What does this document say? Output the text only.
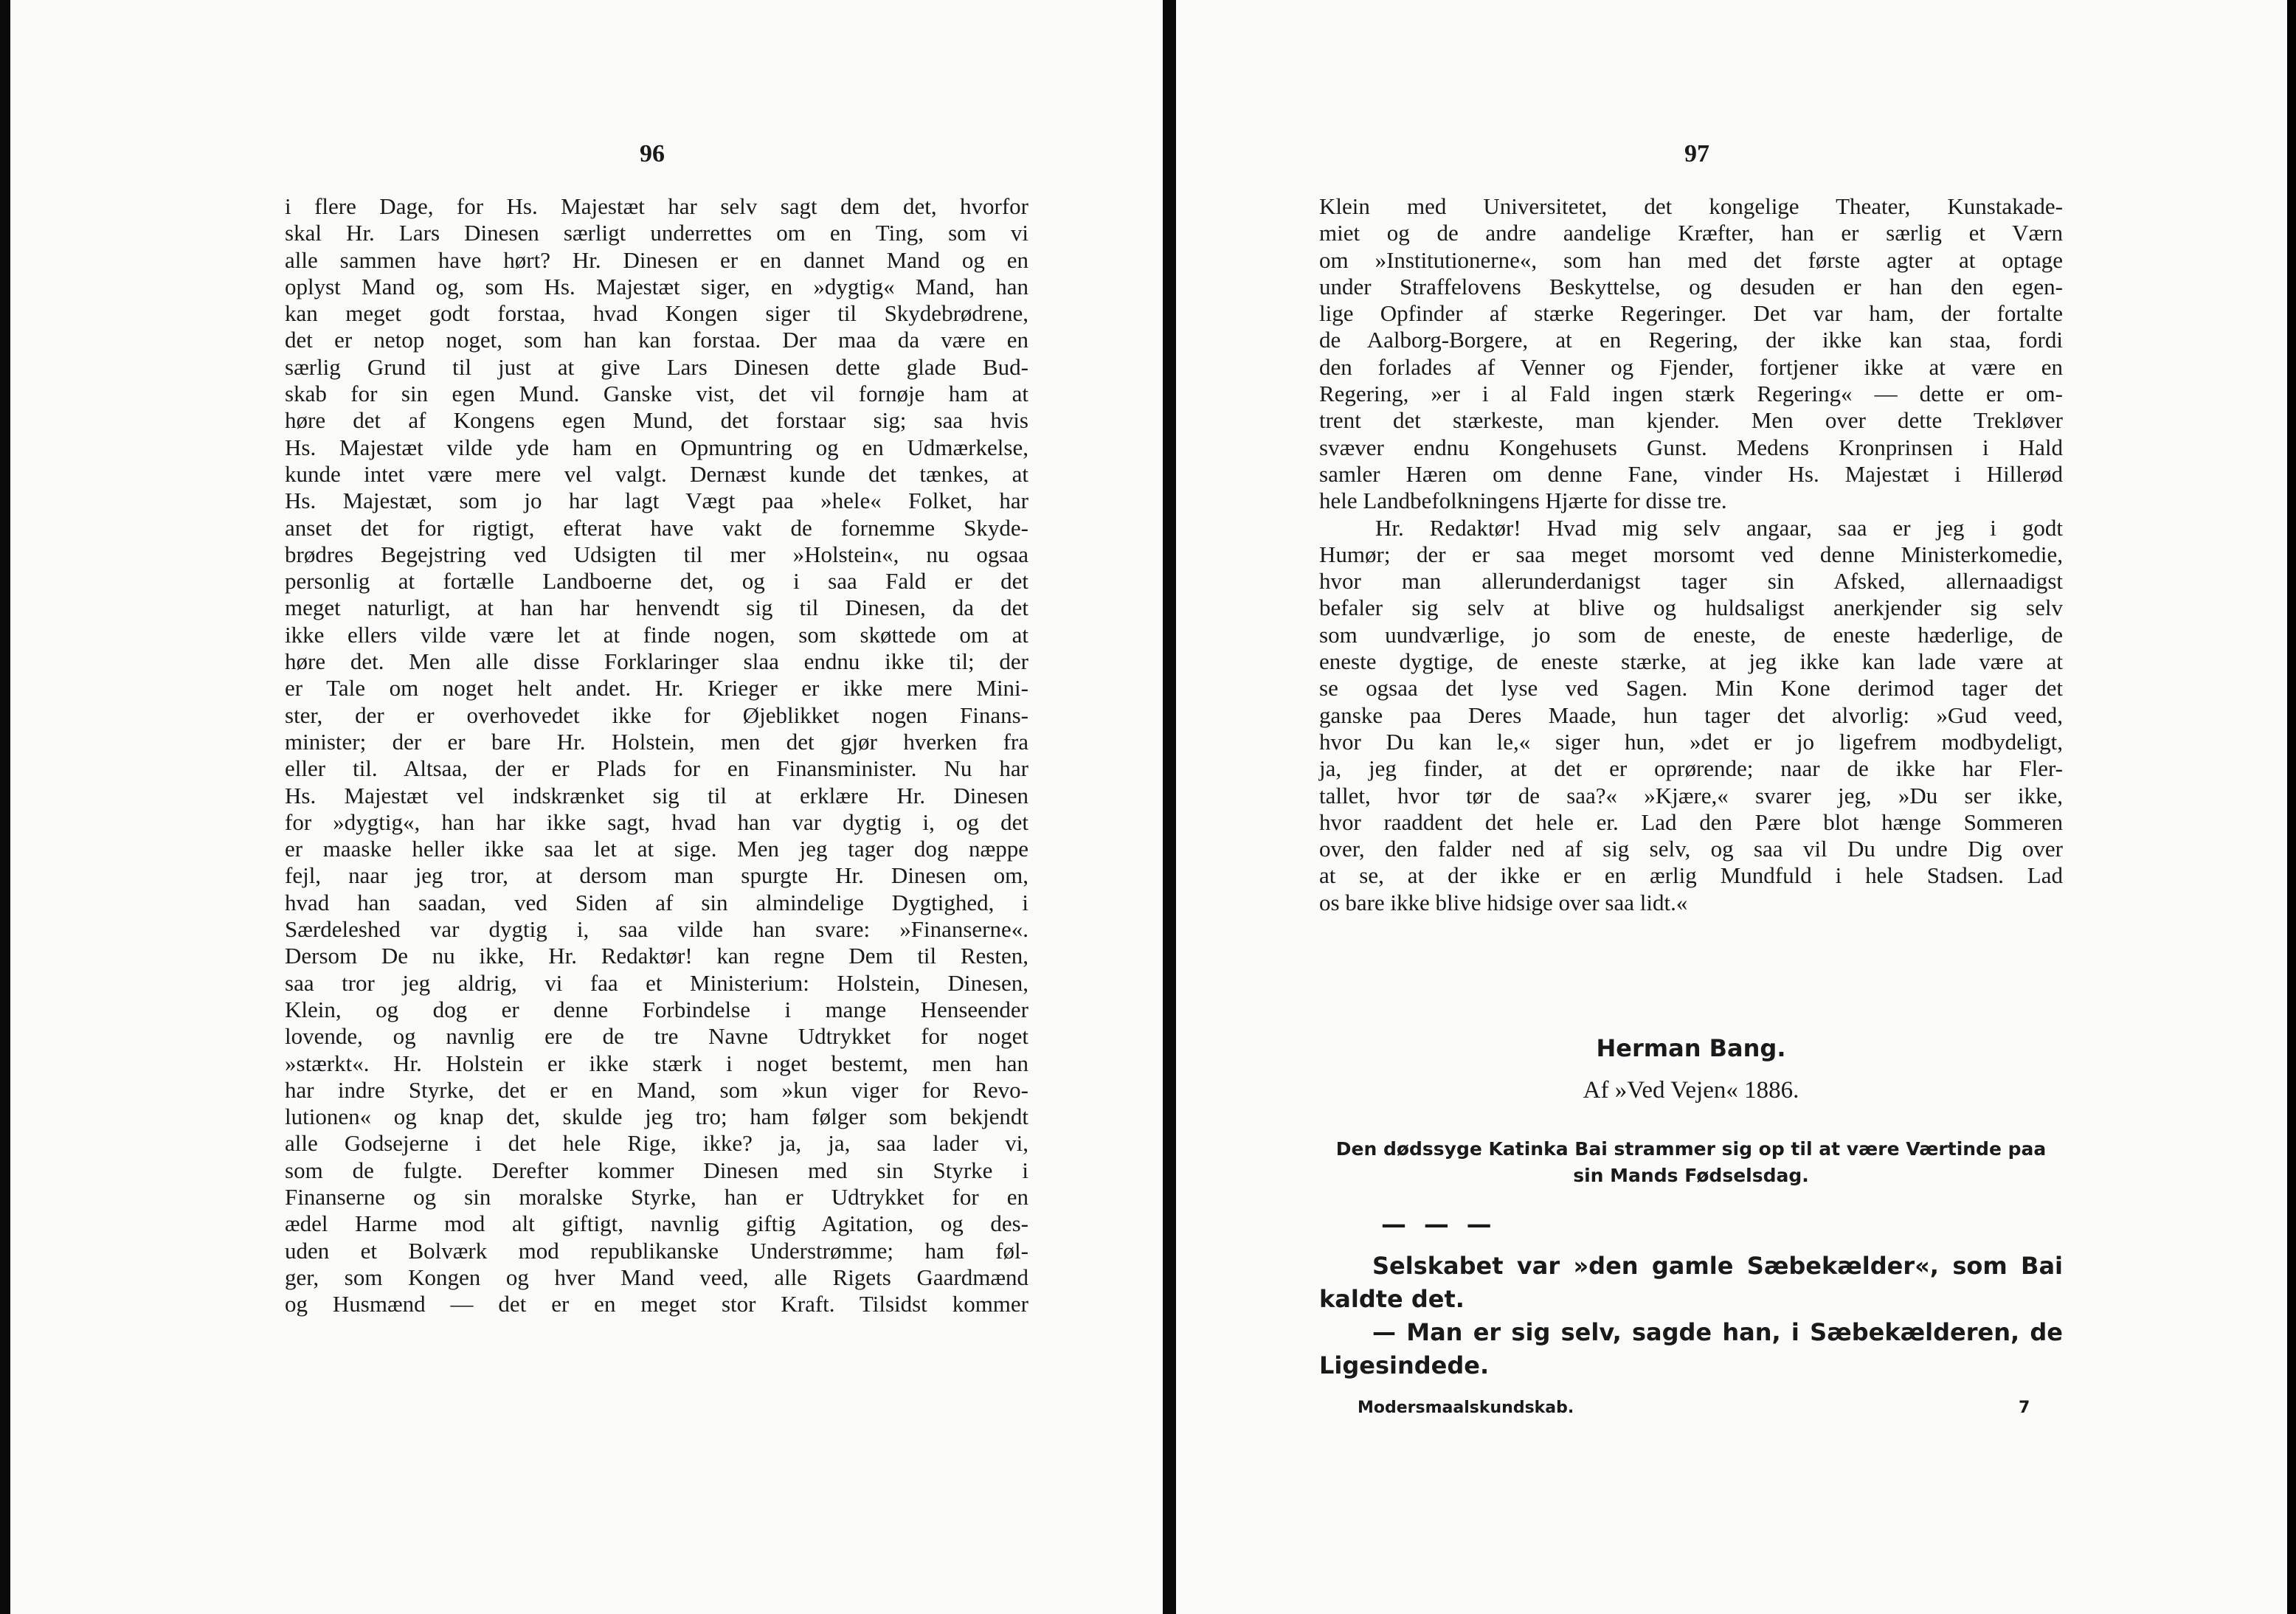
96
i flere Dage, for Hs. Majestæt har selv sagt dem det, hvorfor
skal Hr. Lars Dinesen særligt underrettes om en Ting, som vi
alle sammen have hørt? Hr. Dinesen er en dannet Mand og en
oplyst Mand og, som Hs. Majestæt siger, en »dygtig« Mand, han
kan meget godt forstaa, hvad Kongen siger til Skydebrødrene,
det er netop noget, som han kan forstaa. Der maa da være en
særlig Grund til just at give Lars Dinesen dette glade Bud-
skab for sin egen Mund. Ganske vist, det vil fornøje ham at
høre det af Kongens egen Mund, det forstaar sig; saa hvis
Hs. Majestæt vilde yde ham en Opmuntring og en Udmærkelse,
kunde intet være mere vel valgt. Dernæst kunde det tænkes, at
Hs. Majestæt, som jo har lagt Vægt paa »hele« Folket, har
anset det for rigtigt, efterat have vakt de fornemme Skyde-
brødres Begejstring ved Udsigten til mer »Holstein«, nu ogsaa
personlig at fortælle Landboerne det, og i saa Fald er det
meget naturligt, at han har henvendt sig til Dinesen, da det
ikke ellers vilde være let at finde nogen, som skøttede om at
høre det. Men alle disse Forklaringer slaa endnu ikke til; der
er Tale om noget helt andet. Hr. Krieger er ikke mere Mini-
ster, der er overhovedet ikke for Øjeblikket nogen Finans-
minister; der er bare Hr. Holstein, men det gjør hverken fra
eller til. Altsaa, der er Plads for en Finansminister. Nu har
Hs. Majestæt vel indskrænket sig til at erklære Hr. Dinesen
for »dygtig«, han har ikke sagt, hvad han var dygtig i, og det
er maaske heller ikke saa let at sige. Men jeg tager dog næppe
fejl, naar jeg tror, at dersom man spurgte Hr. Dinesen om,
hvad han saadan, ved Siden af sin almindelige Dygtighed, i
Særdeleshed var dygtig i, saa vilde han svare: »Finanserne«.
Dersom De nu ikke, Hr. Redaktør! kan regne Dem til Resten,
saa tror jeg aldrig, vi faa et Ministerium: Holstein, Dinesen,
Klein, og dog er denne Forbindelse i mange Henseender
lovende, og navnlig ere de tre Navne Udtrykket for noget
»stærkt«. Hr. Holstein er ikke stærk i noget bestemt, men han
har indre Styrke, det er en Mand, som »kun viger for Revo-
lutionen« og knap det, skulde jeg tro; ham følger som bekjendt
alle Godsejerne i det hele Rige, ikke? ja, ja, saa lader vi,
som de fulgte. Derefter kommer Dinesen med sin Styrke i
Finanserne og sin moralske Styrke, han er Udtrykket for en
ædel Harme mod alt giftigt, navnlig giftig Agitation, og des-
uden et Bolværk mod republikanske Understrømme; ham føl-
ger, som Kongen og hver Mand veed, alle Rigets Gaardmænd
og Husmænd — det er en meget stor Kraft. Tilsidst kommer
97
Klein med Universitetet, det kongelige Theater, Kunstakade-
miet og de andre aandelige Kræfter, han er særlig et Værn
om »Institutionerne«, som han med det første agter at optage
under Straffelovens Beskyttelse, og desuden er han den egen-
lige Opfinder af stærke Regeringer. Det var ham, der fortalte
de Aalborg-Borgere, at en Regering, der ikke kan staa, fordi
den forlades af Venner og Fjender, fortjener ikke at være en
Regering, »er i al Fald ingen stærk Regering« — dette er om-
trent det stærkeste, man kjender. Men over dette Trekløver
svæver endnu Kongehusets Gunst. Medens Kronprinsen i Hald
samler Hæren om denne Fane, vinder Hs. Majestæt i Hillerød
hele Landbefolkningens Hjærte for disse tre.
Hr. Redaktør! Hvad mig selv angaar, saa er jeg i godt
Humør; der er saa meget morsomt ved denne Ministerkomedie,
hvor man allerunderdanigst tager sin Afsked, allernaadigst
befaler sig selv at blive og huldsaligst anerkjender sig selv
som uundværlige, jo som de eneste, de eneste hæderlige, de
eneste dygtige, de eneste stærke, at jeg ikke kan lade være at
se ogsaa det lyse ved Sagen. Min Kone derimod tager det
ganske paa Deres Maade, hun tager det alvorlig: »Gud veed,
hvor Du kan le,« siger hun, »det er jo ligefrem modbydeligt,
ja, jeg finder, at det er oprørende; naar de ikke har Fler-
tallet, hvor tør de saa?« »Kjære,« svarer jeg, »Du ser ikke,
hvor raaddent det hele er. Lad den Pære blot hænge Sommeren
over, den falder ned af sig selv, og saa vil Du undre Dig over
at se, at der ikke er en ærlig Mundfuld i hele Stadsen. Lad
os bare ikke blive hidsige over saa lidt.«
Herman Bang.
Af »Ved Vejen« 1886.
Den dødssyge Katinka Bai strammer sig op til at være Værtinde paa sin Mands Fødselsdag.
— — —
Selskabet var »den gamle Sæbekælder«, som Bai
kaldte det.
— Man er sig selv, sagde han, i Sæbekælderen, de
Ligesindede.
Modersmaalskundskab.	7
